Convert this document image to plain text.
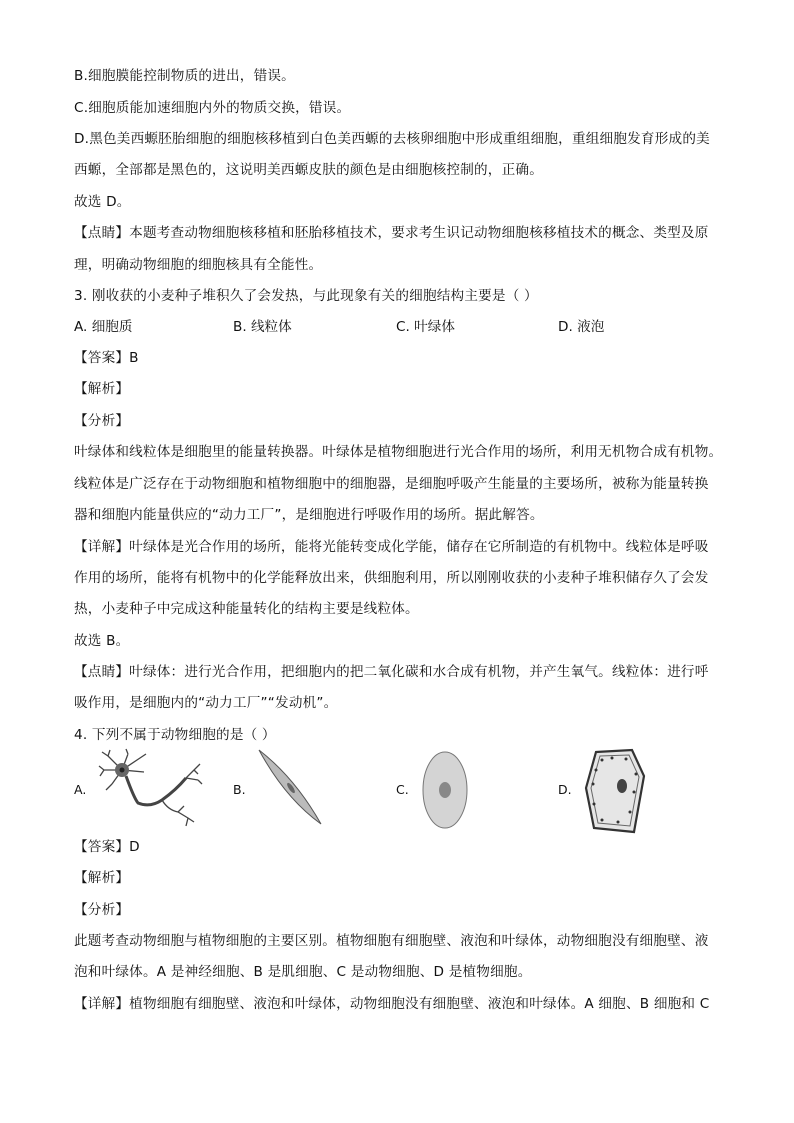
B.细胞膜能控制物质的进出，错误。
C.细胞质能加速细胞内外的物质交换，错误。
D.黑色美西螈胚胎细胞的细胞核移植到白色美西螈的去核卵细胞中形成重组细胞，重组细胞发育形成的美
西螈，全部都是黑色的，这说明美西螈皮肤的颜色是由细胞核控制的，正确。
故选 D。
【点睛】本题考查动物细胞核移植和胚胎移植技术，要求考生识记动物细胞核移植技术的概念、类型及原
理，明确动物细胞的细胞核具有全能性。
3. 刚收获的小麦种子堆积久了会发热，与此现象有关的细胞结构主要是（ ）
A. 细胞质	B. 线粒体	C. 叶绿体	D. 液泡
【答案】B
【解析】
【分析】
叶绿体和线粒体是细胞里的能量转换器。叶绿体是植物细胞进行光合作用的场所，利用无机物合成有机物。
线粒体是广泛存在于动物细胞和植物细胞中的细胞器，是细胞呼吸产生能量的主要场所，被称为能量转换
器和细胞内能量供应的“动力工厂”，是细胞进行呼吸作用的场所。据此解答。
【详解】叶绿体是光合作用的场所，能将光能转变成化学能，储存在它所制造的有机物中。线粒体是呼吸
作用的场所，能将有机物中的化学能释放出来，供细胞利用，所以刚刚收获的小麦种子堆积储存久了会发
热，小麦种子中完成这种能量转化的结构主要是线粒体。
故选 B。
【点睛】叶绿体：进行光合作用，把细胞内的把二氧化碳和水合成有机物，并产生氧气。线粒体：进行呼
吸作用，是细胞内的“动力工厂”“发动机”。
4. 下列不属于动物细胞的是（ ）
A.	B.	C.	D.
【答案】D
【解析】
【分析】
此题考查动物细胞与植物细胞的主要区别。植物细胞有细胞壁、液泡和叶绿体，动物细胞没有细胞壁、液
泡和叶绿体。A 是神经细胞、B 是肌细胞、C 是动物细胞、D 是植物细胞。
【详解】植物细胞有细胞壁、液泡和叶绿体，动物细胞没有细胞壁、液泡和叶绿体。A 细胞、B 细胞和 C
